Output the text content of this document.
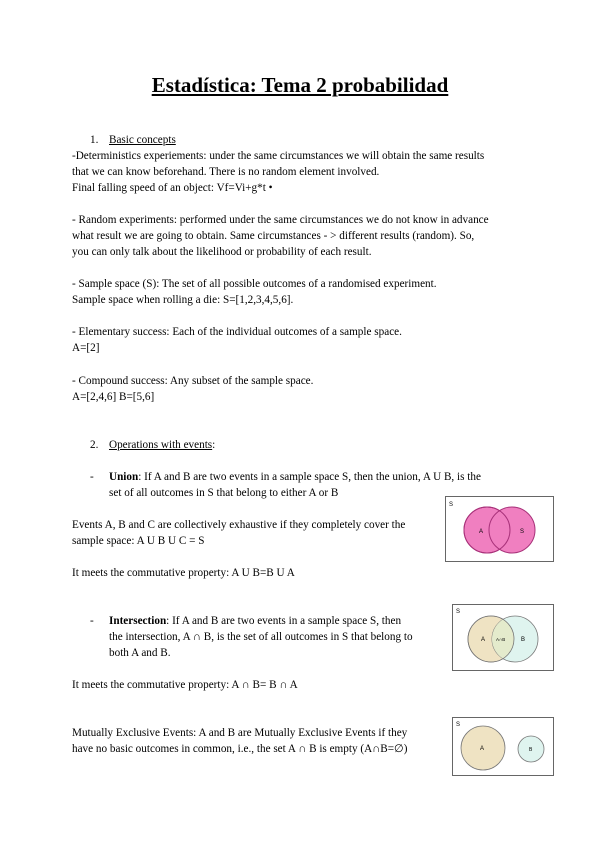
Estadística: Tema 2 probabilidad
1. Basic concepts
-Deterministics experiements: under the same circumstances we will obtain the same results
that we can know beforehand. There is no random element involved.
Final falling speed of an object: Vf=Vi+g*t •
- Random experiments: performed under the same circumstances we do not know in advance
what result we are going to obtain. Same circumstances - > different results (random). So,
you can only talk about the likelihood or probability of each result.
- Sample space (S): The set of all possible outcomes of a randomised experiment.
Sample space when rolling a die: S=[1,2,3,4,5,6].
- Elementary success: Each of the individual outcomes of a sample space.
A=[2]
- Compound success: Any subset of the sample space.
A=[2,4,6] B=[5,6]
2. Operations with events:
- Union: If A and B are two events in a sample space S, then the union, A U B, is the
set of all outcomes in S that belong to either A or B
Events A, B and C are collectively exhaustive if they completely cover the
sample space: A U B U C = S
It meets the commutative property: A U B=B U A
- Intersection: If A and B are two events in a sample space S, then
the intersection, A ∩ B, is the set of all outcomes in S that belong to
both A and B.
It meets the commutative property: A ∩ B= B ∩ A
Mutually Exclusive Events: A and B are Mutually Exclusive Events if they
have no basic outcomes in common, i.e., the set A ∩ B is empty (A∩B=∅)
S
A	S
S
A A∩B	B
S
A	B
